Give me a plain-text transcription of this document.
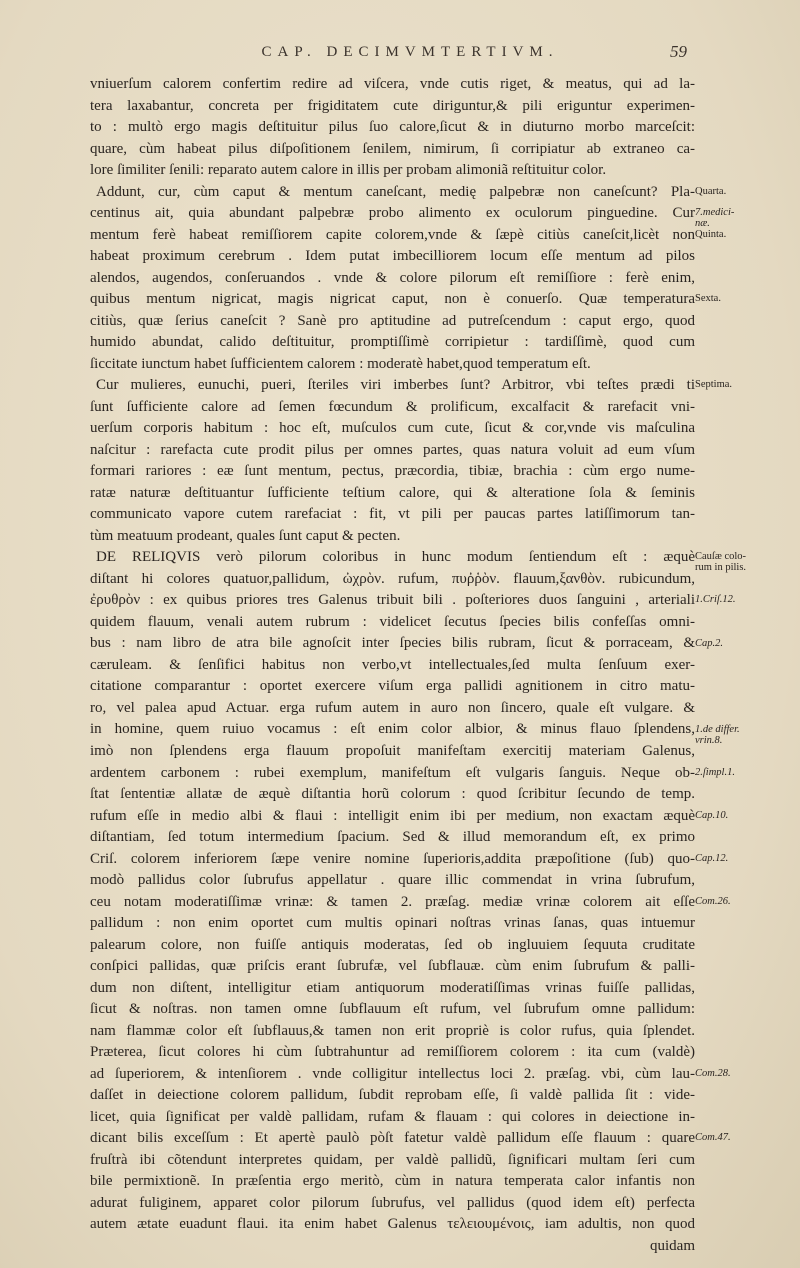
CAP. DECIMVMTERTIVM.	59
vniuerſum calorem confertim redire ad viſcera, vnde cutis riget, & meatus, qui ad la-
tera laxabantur, concreta per frigiditatem cute diriguntur,& pili eriguntur experimen-
to : multò ergo magis deſtituitur pilus ſuo calore,ſicut & in diuturno morbo marceſcit:
quare, cùm habeat pilus diſpoſitionem ſenilem, nimirum, ſi corripiatur ab extraneo ca-
lore ſimiliter ſenili: reparato autem calore in illis per probam alimoniã reſtituitur color.
Addunt, cur, cùm caput & mentum caneſcant, medię palpebræ non caneſcunt? Pla-
centinus ait, quia abundant palpebræ probo alimento ex oculorum pinguedine. Cur
mentum ferè habeat remiſſiorem capite colorem,vnde & ſæpè citiùs caneſcit,licèt non
habeat proximum cerebrum . Idem putat imbecilliorem locum eſſe mentum ad pilos
alendos, augendos, conſeruandos . vnde & colore pilorum eſt remiſſiore : ferè enim,
quibus mentum nigricat, magis nigricat caput, non è conuerſo. Quæ temperatura
citiùs, quæ ſerius caneſcit ? Sanè pro aptitudine ad putreſcendum : caput ergo, quod
humido abundat, calido deſtituitur, promptiſſimè corripietur : tardiſſimè, quod cum
ſiccitate iunctum habet ſufficientem calorem : moderatè habet,quod temperatum eſt.
Cur mulieres, eunuchi, pueri, ſteriles viri imberbes ſunt? Arbitror, vbi teſtes prædi ti
ſunt ſufficiente calore ad ſemen fœcundum & prolificum, excalfacit & rarefacit vni-
uerſum corporis habitum : hoc eſt, muſculos cum cute, ſicut & cor,vnde vis maſculina
naſcitur : rarefacta cute prodit pilus per omnes partes, quas natura voluit ad eum vſum
formari rariores : eæ ſunt mentum, pectus, præcordia, tibiæ, brachia : cùm ergo nume-
ratæ naturæ deſtituantur ſufficiente teſtium calore, qui & alteratione ſola & ſeminis
communicato vapore cutem rarefaciat : fit, vt pili per paucas partes latiſſimorum tan-
tùm meatuum prodeant, quales ſunt caput & pecten.
DE RELIQVIS verò pilorum coloribus in hunc modum ſentiendum eſt : æquè
diſtant hi colores quatuor,pallidum, ὠχρὸν. rufum, πυῤῥὸν. flauum,ξανθὸν. rubicundum,
ἐρυθρὸν : ex quibus priores tres Galenus tribuit bili . poſteriores duos ſanguini , arteriali
quidem flauum, venali autem rubrum : videlicet ſecutus ſpecies bilis confeſſas omni-
bus : nam libro de atra bile agnoſcit inter ſpecies bilis rubram, ſicut & porraceam, &
cæruleam. & ſenſifici habitus non verbo,vt intellectuales,ſed multa ſenſuum exer-
citatione comparantur : oportet exercere viſum erga pallidi agnitionem in citro matu-
ro, vel palea apud Actuar. erga rufum autem in auro non ſincero, quale eſt vulgare. &
in homine, quem ruiuo vocamus : eſt enim color albior, & minus flauo ſplendens,
imò non ſplendens erga flauum propoſuit manifeſtam exercitij materiam Galenus,
ardentem carbonem : rubei exemplum, manifeſtum eſt vulgaris ſanguis. Neque ob-
ſtat ſententiæ allatæ de æquè diſtantia horũ colorum : quod ſcribitur ſecundo de temp.
rufum eſſe in medio albi & flaui : intelligit enim ibi per medium, non exactam æquè
diſtantiam, ſed totum intermedium ſpacium. Sed & illud memorandum eſt, ex primo
Criſ. colorem inferiorem ſæpe venire nomine ſuperioris,addita præpoſitione (ſub) quo-
modò pallidus color ſubrufus appellatur . quare illic commendat in vrina ſubrufum,
ceu notam moderatiſſimæ vrinæ: & tamen 2. præſag. mediæ vrinæ colorem ait eſſe
pallidum : non enim oportet cum multis opinari noſtras vrinas ſanas, quas intuemur
palearum colore, non fuiſſe antiquis moderatas, ſed ob ingluuiem ſequuta cruditate
conſpici pallidas, quæ priſcis erant ſubrufæ, vel ſubflauæ. cùm enim ſubrufum & palli-
dum non diſtent, intelligitur etiam antiquorum moderatiſſimas vrinas fuiſſe pallidas,
ſicut & noſtras. non tamen omne ſubflauum eſt rufum, vel ſubrufum omne pallidum:
nam flammæ color eſt ſubflauus,& tamen non erit propriè is color rufus, quia ſplendet.
Præterea, ſicut colores hi cùm ſubtrahuntur ad remiſſiorem colorem : ita cum (valdè)
ad ſuperiorem, & intenſiorem . vnde colligitur intellectus loci 2. præſag. vbi, cùm lau-
daſſet in deiectione colorem pallidum, ſubdit reprobam eſſe, ſi valdè pallida ſit : vide-
licet, quia ſignificat per valdè pallidam, rufam & flauam : qui colores in deiectione in-
dicant bilis exceſſum : Et apertè paulò pòſt fatetur valdè pallidum eſſe flauum : quare
fruſtrà ibi cõtendunt interpretes quidam, per valdè pallidũ, ſignificari multam ſeri cum
bile permixtionẽ. In præſentia ergo meritò, cùm in natura temperata calor infantis non
adurat fuliginem, apparet color pilorum ſubrufus, vel pallidus (quod idem eſt) perfecta
autem ætate euadunt flaui. ita enim habet Galenus τελειουμένοις, iam adultis, non quod
quidam
Quarta.
7.medici-
næ.
Quinta.
Sexta.
Septima.
Cauſæ colo-
rum in pilis.
1.Criſ.12.
Cap.2.
1.de differ.
vrin.8.
2.ſimpl.1.
Cap.10.
Cap.12.
Com.26.
Com.28.
Com.47.
